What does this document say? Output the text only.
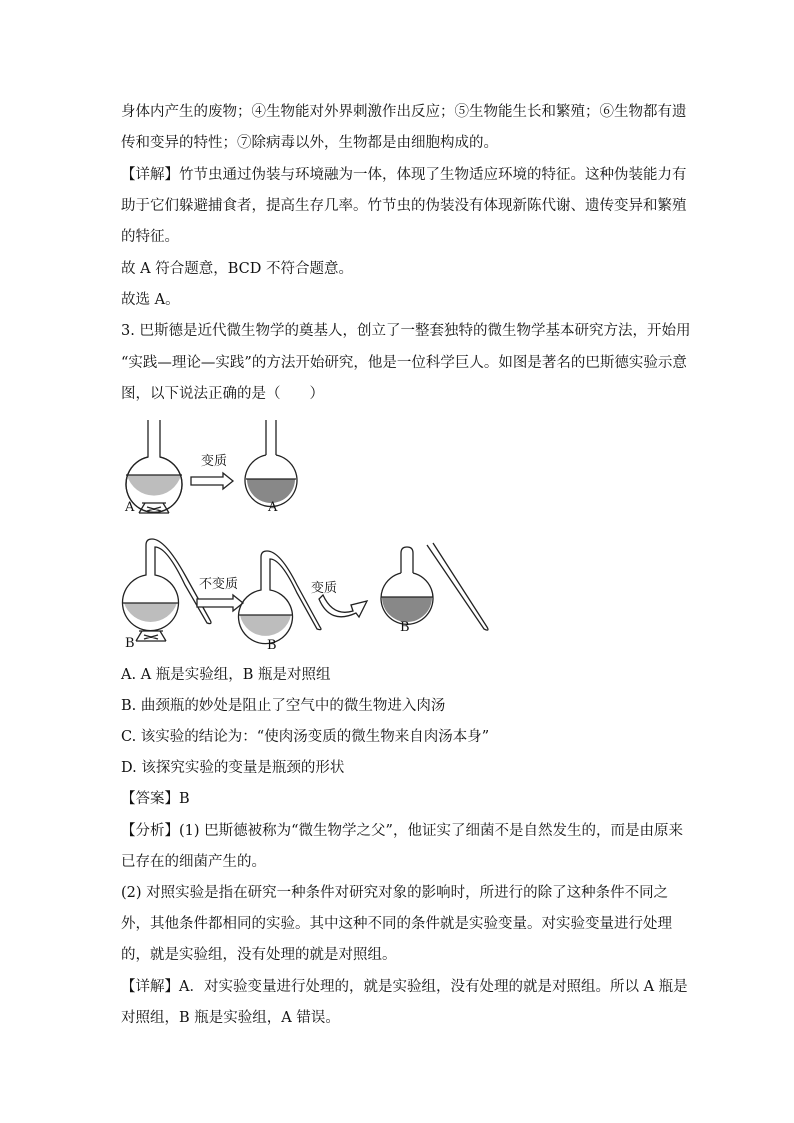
身体内产生的废物；④生物能对外界刺激作出反应；⑤生物能生长和繁殖；⑥生物都有遗
传和变异的特性；⑦除病毒以外，生物都是由细胞构成的。
【详解】竹节虫通过伪装与环境融为一体，体现了生物适应环境的特征。这种伪装能力有
助于它们躲避捕食者，提高生存几率。竹节虫的伪装没有体现新陈代谢、遗传变异和繁殖
的特征。
故 A 符合题意，BCD 不符合题意。
故选 A。
3. 巴斯德是近代微生物学的奠基人，创立了一整套独特的微生物学基本研究方法，开始用
“实践—理论—实践”的方法开始研究，他是一位科学巨人。如图是著名的巴斯德实验示意
图，以下说法正确的是（　　）
变质
A	A
不变质	变质
B	B
B
A. A 瓶是实验组，B 瓶是对照组
B. 曲颈瓶的妙处是阻止了空气中的微生物进入肉汤
C. 该实验的结论为：“使肉汤变质的微生物来自肉汤本身”
D. 该探究实验的变量是瓶颈的形状
【答案】B
【分析】(1) 巴斯德被称为“微生物学之父”，他证实了细菌不是自然发生的，而是由原来
已存在的细菌产生的。
(2) 对照实验是指在研究一种条件对研究对象的影响时，所进行的除了这种条件不同之
外，其他条件都相同的实验。其中这种不同的条件就是实验变量。对实验变量进行处理
的，就是实验组，没有处理的就是对照组。
【详解】A．对实验变量进行处理的，就是实验组，没有处理的就是对照组。所以 A 瓶是
对照组，B 瓶是实验组，A 错误。
